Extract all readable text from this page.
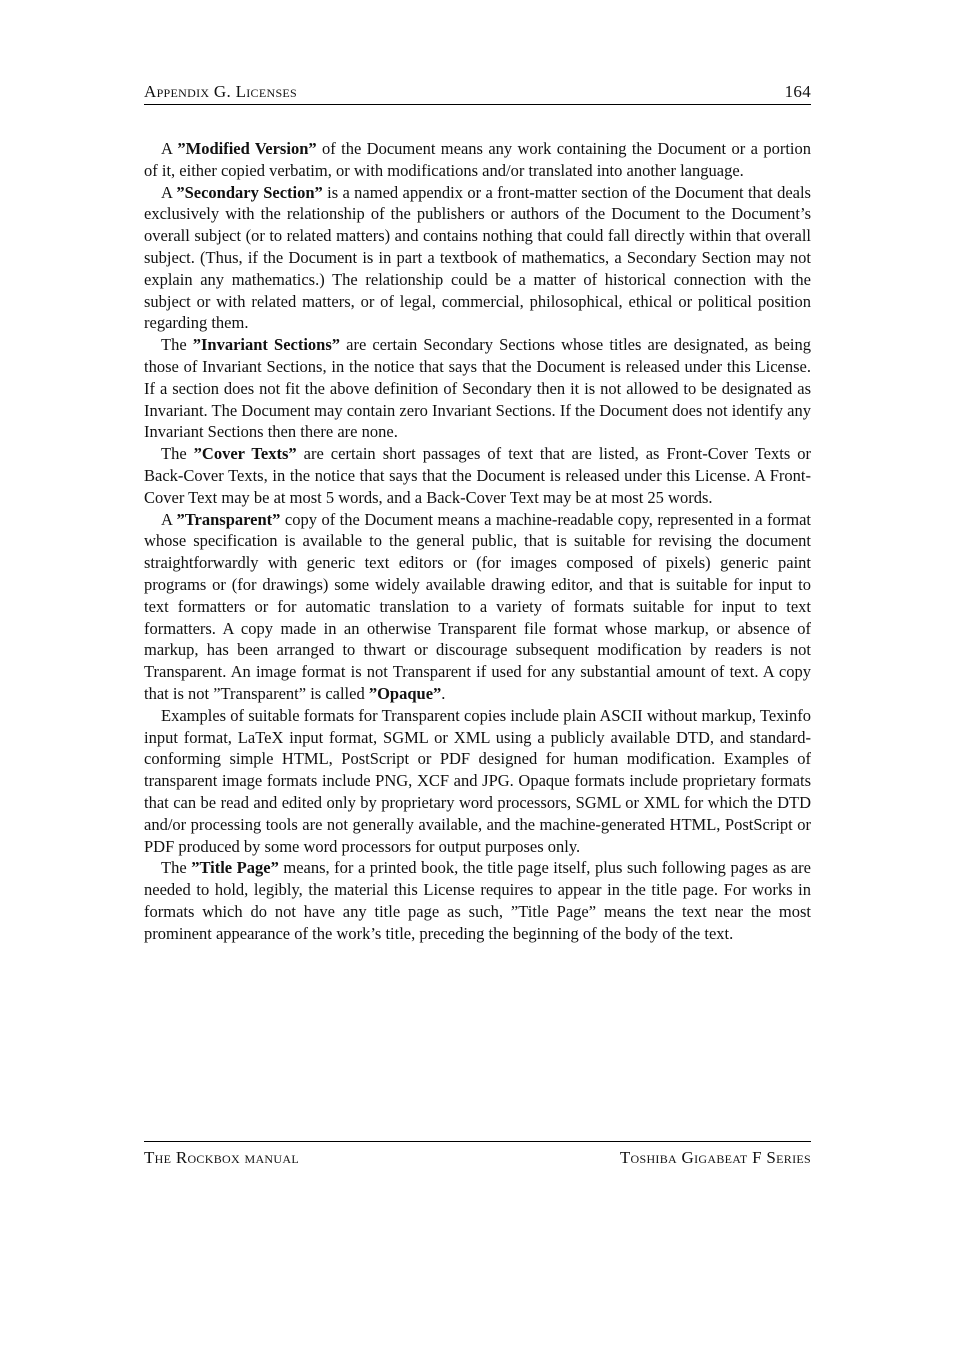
Appendix G. Licenses	164

A ”Modified Version” of the Document means any work containing the Document or a portion of it, either copied verbatim, or with modifications and/or translated into another language.

A ”Secondary Section” is a named appendix or a front-matter section of the Document that deals exclusively with the relationship of the publishers or authors of the Document to the Document’s overall subject (or to related matters) and contains nothing that could fall directly within that overall subject. (Thus, if the Document is in part a textbook of mathematics, a Secondary Section may not explain any mathematics.) The relationship could be a matter of historical connection with the subject or with related matters, or of legal, commercial, philosophical, ethical or political position regarding them.

The ”Invariant Sections” are certain Secondary Sections whose titles are designated, as being those of Invariant Sections, in the notice that says that the Document is released under this License. If a section does not fit the above definition of Secondary then it is not allowed to be designated as Invariant. The Document may contain zero Invariant Sections. If the Document does not identify any Invariant Sections then there are none.

The ”Cover Texts” are certain short passages of text that are listed, as Front-Cover Texts or Back-Cover Texts, in the notice that says that the Document is released under this License. A Front-Cover Text may be at most 5 words, and a Back-Cover Text may be at most 25 words.

A ”Transparent” copy of the Document means a machine-readable copy, represented in a format whose specification is available to the general public, that is suitable for revising the document straightforwardly with generic text editors or (for images composed of pixels) generic paint programs or (for drawings) some widely available drawing editor, and that is suitable for input to text formatters or for automatic translation to a variety of formats suitable for input to text formatters. A copy made in an otherwise Transparent file format whose markup, or absence of markup, has been arranged to thwart or discourage subsequent modification by readers is not Transparent. An image format is not Transparent if used for any substantial amount of text. A copy that is not ”Transparent” is called ”Opaque”.

Examples of suitable formats for Transparent copies include plain ASCII without markup, Texinfo input format, LaTeX input format, SGML or XML using a publicly available DTD, and standard-conforming simple HTML, PostScript or PDF designed for human modification. Examples of transparent image formats include PNG, XCF and JPG. Opaque formats include proprietary formats that can be read and edited only by proprietary word processors, SGML or XML for which the DTD and/or processing tools are not generally available, and the machine-generated HTML, PostScript or PDF produced by some word processors for output purposes only.

The ”Title Page” means, for a printed book, the title page itself, plus such following pages as are needed to hold, legibly, the material this License requires to appear in the title page. For works in formats which do not have any title page as such, ”Title Page” means the text near the most prominent appearance of the work’s title, preceding the beginning of the body of the text.

The Rockbox manual	Toshiba Gigabeat F Series
